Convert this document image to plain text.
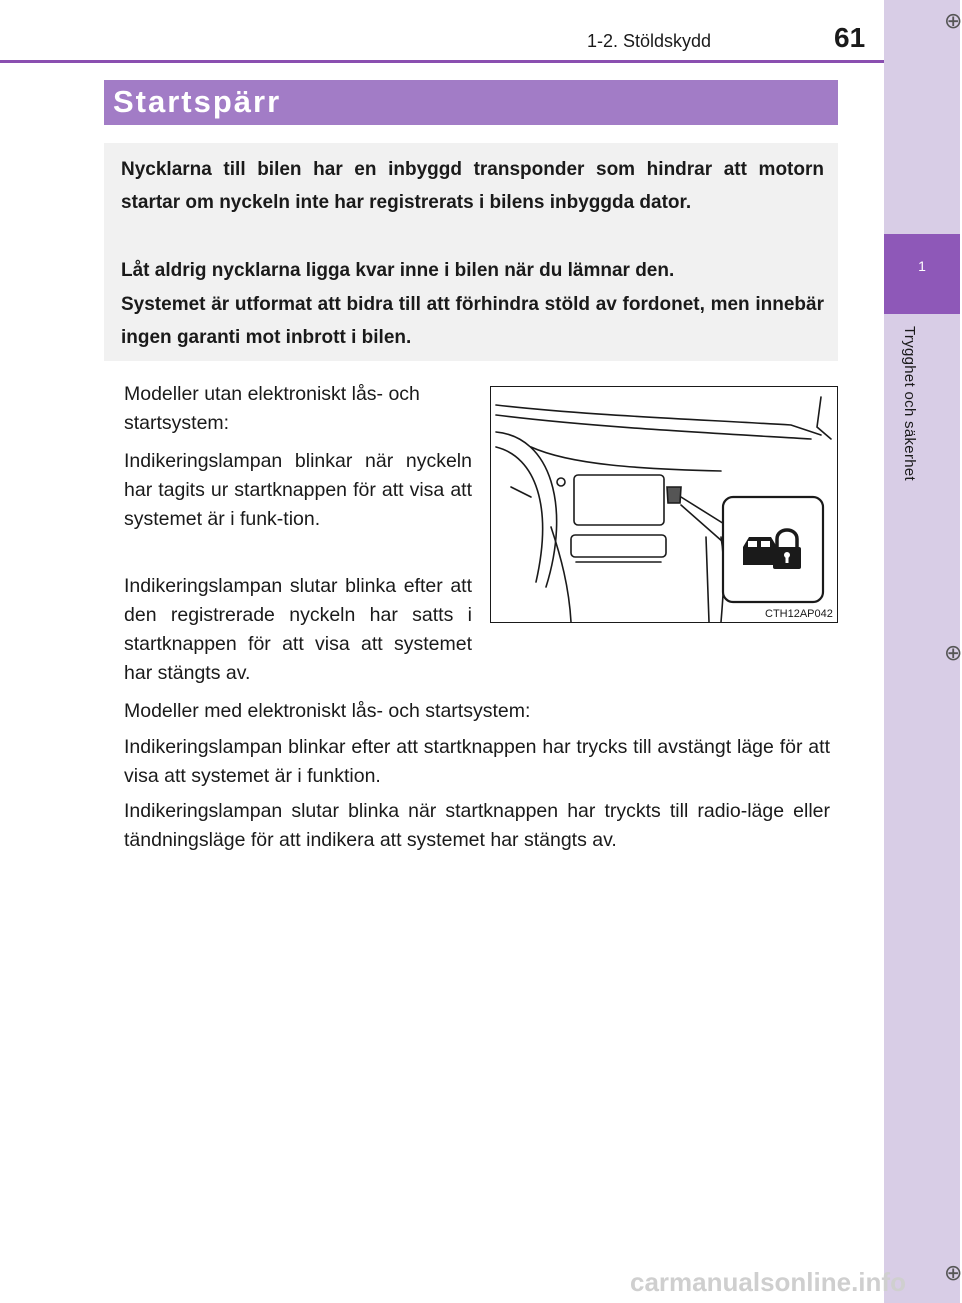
1-2. Stöldskydd	61
1
Trygghet och säkerhet
⊕
⊕
⊕
Startspärr

Nycklarna till bilen har en inbyggd transponder som hindrar att motorn startar om nyckeln inte har registrerats i bilens inbyggda dator.

Låt aldrig nycklarna ligga kvar inne i bilen när du lämnar den.

Systemet är utformat att bidra till att förhindra stöld av fordonet, men innebär ingen garanti mot inbrott i bilen.

Modeller utan elektroniskt lås- och startsystem:

Indikeringslampan blinkar när nyckeln har tagits ur startknappen för att visa att systemet är i funk-tion.

Indikeringslampan slutar blinka efter att den registrerade nyckeln har satts i startknappen för att visa att systemet har stängts av.

Modeller med elektroniskt lås- och startsystem:

Indikeringslampan blinkar efter att startknappen har trycks till avstängt läge för att visa att systemet är i funktion.

Indikeringslampan slutar blinka när startknappen har tryckts till radio-läge eller tändningsläge för att indikera att systemet har stängts av.

CTH12AP042
carmanualsonline.info
